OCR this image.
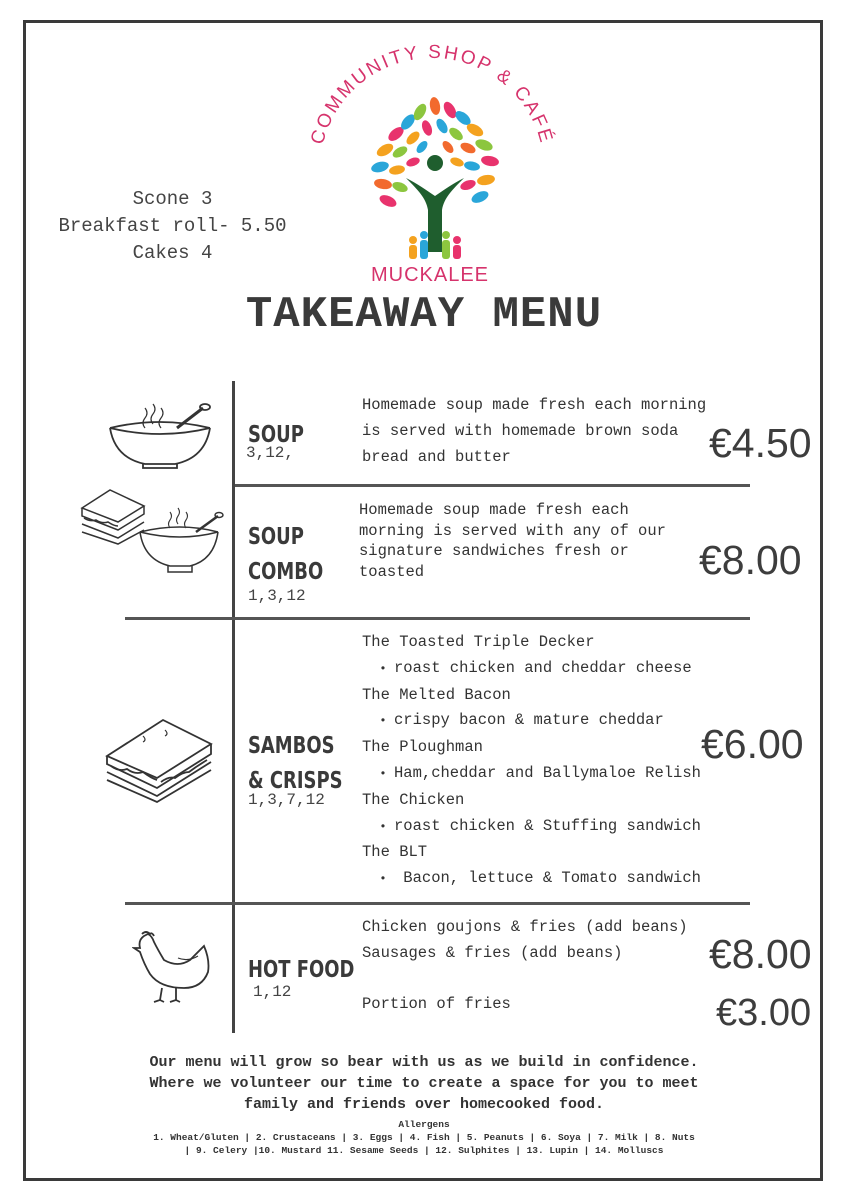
Scone 3
Breakfast roll- 5.50
Cakes 4
COMMUNITY SHOP & CAFÉ
MUCKALEE
TAKEAWAY MENU
SOUP
3,12,
Homemade soup made fresh each morning
is served with homemade brown soda
bread and butter	€4.50
SOUP
COMBO
1,3,12
Homemade soup made fresh each
morning is served with any of our
signature sandwiches fresh or
toasted	€8.00
SAMBOS
& CRISPS
1,3,7,12
The Toasted Triple Decker
• roast chicken and cheddar cheese
The Melted Bacon
• crispy bacon & mature cheddar
The Ploughman
• Ham,cheddar and Ballymaloe Relish
The Chicken
• roast chicken & Stuffing sandwich
The BLT
•  Bacon, lettuce & Tomato sandwich
€6.00
HOT FOOD
1,12
Chicken goujons & fries (add beans)
Sausages & fries (add beans)
Portion of fries
€8.00
€3.00
Our menu will grow so bear with us as we build in confidence.
Where we volunteer our time to create a space for you to meet
family and friends over homecooked food.
Allergens
1. Wheat/Gluten | 2. Crustaceans | 3. Eggs | 4. Fish | 5. Peanuts | 6. Soya | 7. Milk | 8. Nuts
| 9. Celery |10. Mustard 11. Sesame Seeds | 12. Sulphites | 13. Lupin | 14. Molluscs
